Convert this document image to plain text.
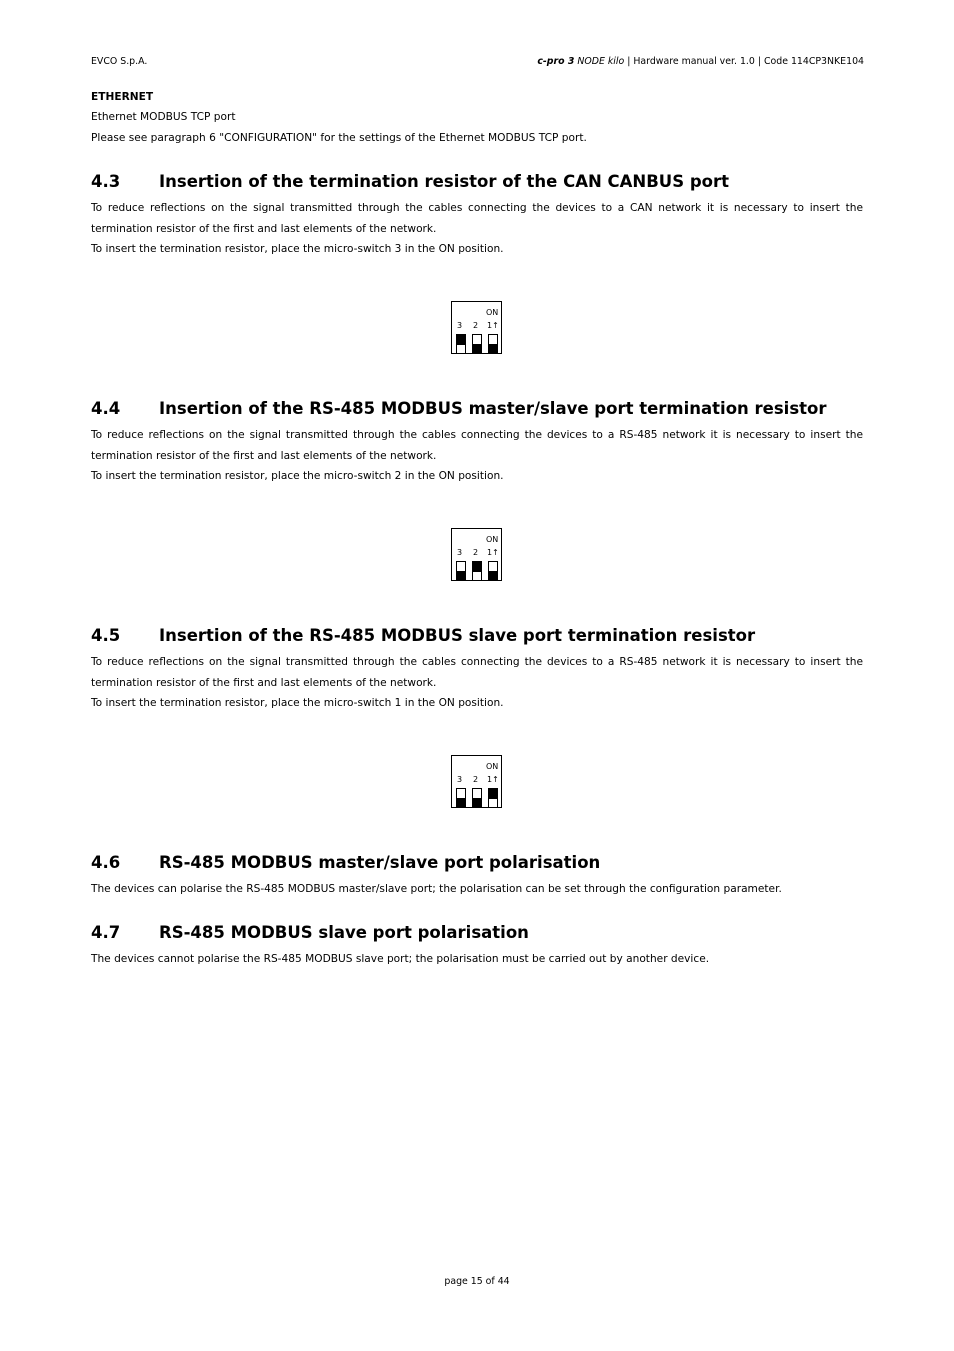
EVCO S.p.A.	c-pro 3 NODE kilo | Hardware manual ver. 1.0 | Code 114CP3NKE104
ETHERNET
Ethernet MODBUS TCP port
Please see paragraph 6 "CONFIGURATION" for the settings of the Ethernet MODBUS TCP port.
4.3 Insertion of the termination resistor of the CAN CANBUS port
To reduce reflections on the signal transmitted through the cables connecting the devices to a CAN network it is necessary to insert the termination resistor of the first and last elements of the network.
To insert the termination resistor, place the micro-switch 3 in the ON position.
ON
3 2 1↑
4.4 Insertion of the RS-485 MODBUS master/slave port termination resistor
To reduce reflections on the signal transmitted through the cables connecting the devices to a RS-485 network it is necessary to insert the termination resistor of the first and last elements of the network.
To insert the termination resistor, place the micro-switch 2 in the ON position.
ON
3 2 1↑
4.5 Insertion of the RS-485 MODBUS slave port termination resistor
To reduce reflections on the signal transmitted through the cables connecting the devices to a RS-485 network it is necessary to insert the termination resistor of the first and last elements of the network.
To insert the termination resistor, place the micro-switch 1 in the ON position.
ON
3 2 1↑
4.6 RS-485 MODBUS master/slave port polarisation
The devices can polarise the RS-485 MODBUS master/slave port; the polarisation can be set through the configuration parameter.
4.7 RS-485 MODBUS slave port polarisation
The devices cannot polarise the RS-485 MODBUS slave port; the polarisation must be carried out by another device.
page 15 of 44
